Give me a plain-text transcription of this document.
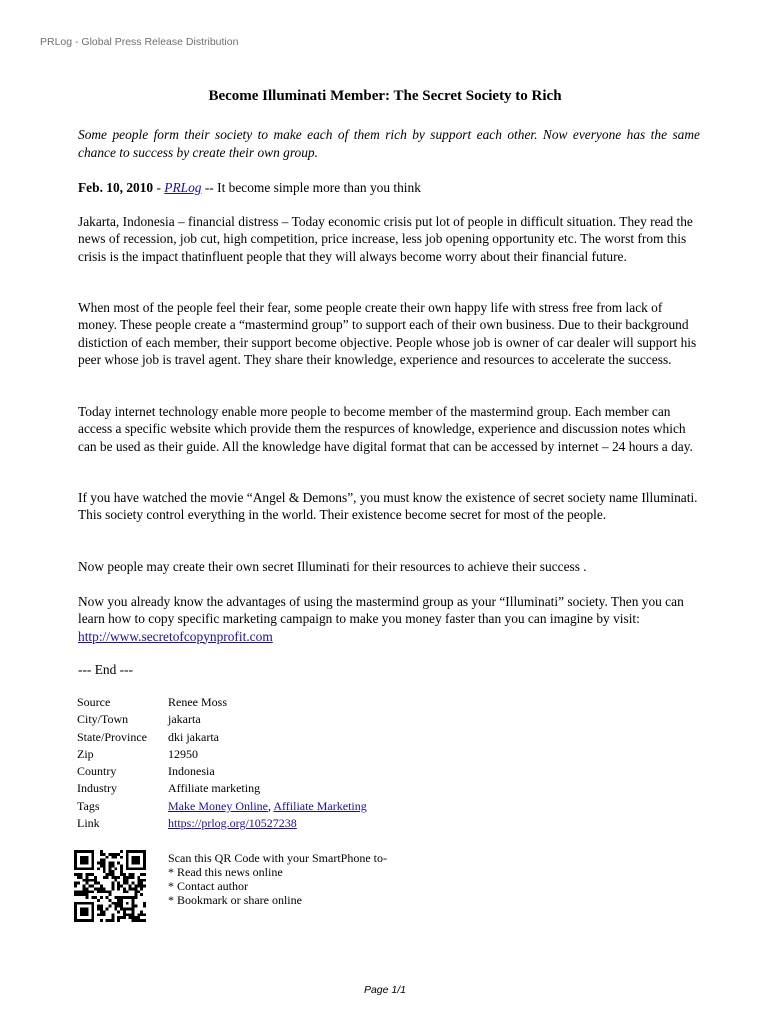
PRLog - Global Press Release Distribution
Become Illuminati Member: The Secret Society to Rich
Some people form their society to make each of them rich by support each other. Now everyone has the same chance to success by create their own group.
Feb. 10, 2010 - PRLog -- It become simple more than you think
Jakarta, Indonesia – financial distress – Today economic crisis put lot of people in difficult situation. They read the news of recession, job cut, high competition, price increase, less job opening opportunity etc. The worst from this crisis is the impact thatinfluent people that they will always become worry about their financial future.
When most of the people feel their fear, some people create their own happy life with stress free from lack of money. These people create a “mastermind group” to support each of their own business. Due to their background distiction of each member, their support become objective. People whose job is owner of car dealer will support his peer whose job is travel agent. They share their knowledge, experience and resources to accelerate the success.
Today internet technology enable more people to become member of the mastermind group. Each member can access a specific website which provide them the respurces of knowledge, experience and discussion notes which can be used as their guide. All the knowledge have digital format that can be accessed by internet – 24 hours a day.
If you have watched the movie “Angel & Demons”, you must know the existence of secret society name Illuminati. This society control everything in the world. Their existence become secret for most of the people.
Now people may create their own secret Illuminati for their resources to achieve their success .
Now you already know the advantages of using the mastermind group as your “Illuminati” society. Then you can learn how to copy specific marketing campaign to make you money faster than you can imagine by visit: http://www.secretofcopynprofit.com
--- End ---
Source	Renee Moss
City/Town	jakarta
State/Province	dki jakarta
Zip	12950
Country	Indonesia
Industry	Affiliate marketing
Tags	Make Money Online, Affiliate Marketing
Link	https://prlog.org/10527238
Scan this QR Code with your SmartPhone to-
* Read this news online
* Contact author
* Bookmark or share online
Page 1/1
